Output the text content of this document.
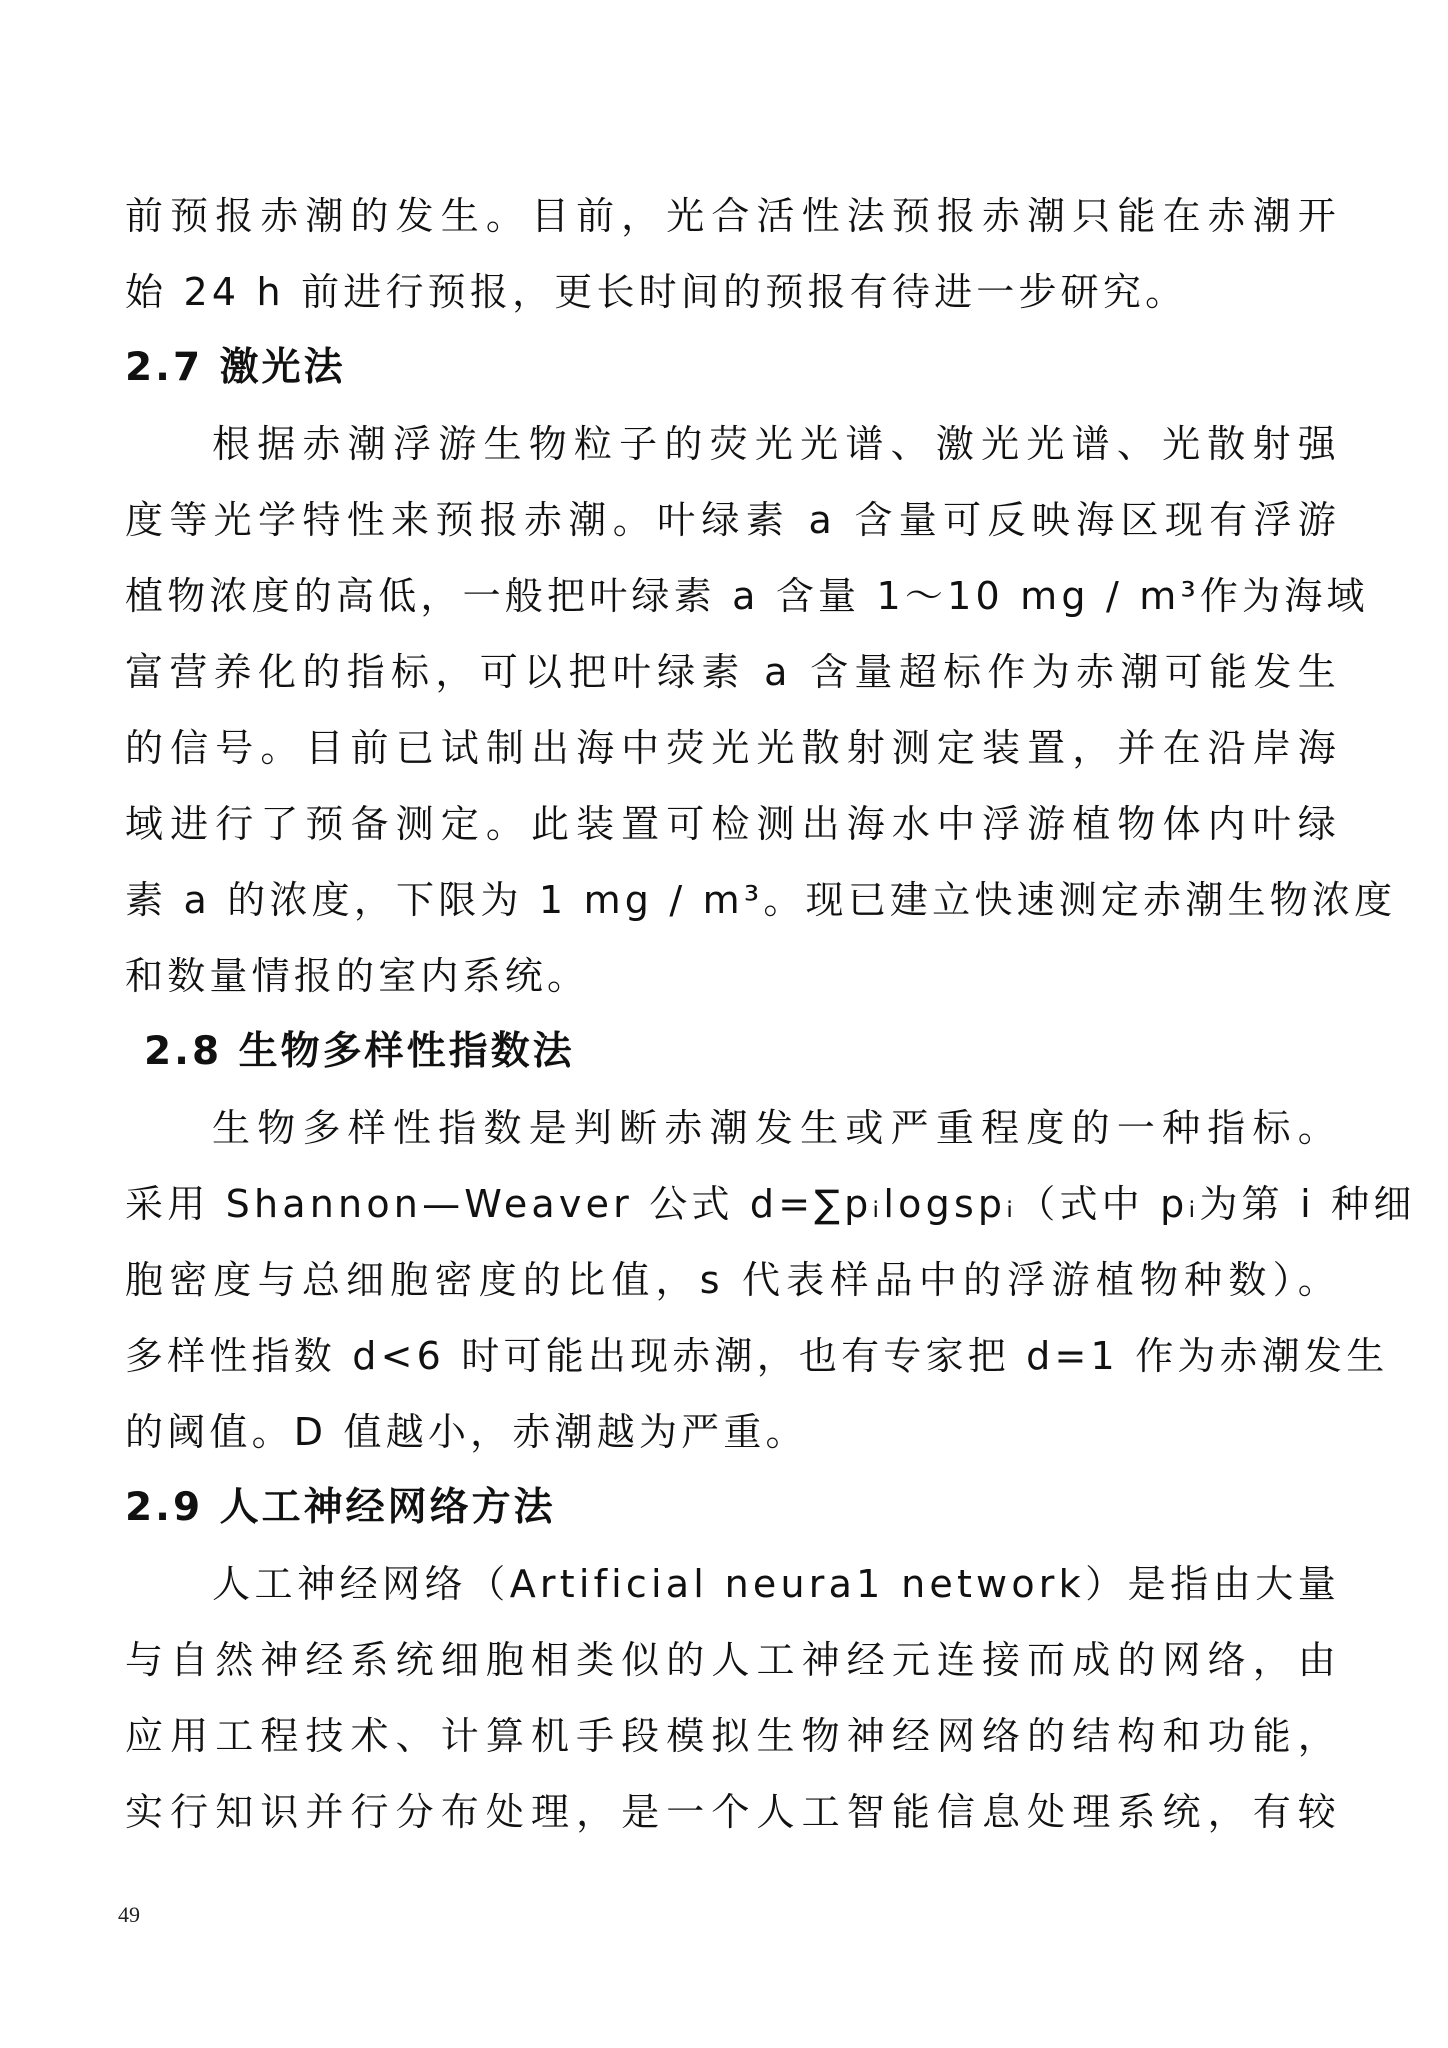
前预报赤潮的发生。目前，光合活性法预报赤潮只能在赤潮开
始 24 h 前进行预报，更长时间的预报有待进一步研究。
2.7 激光法
根据赤潮浮游生物粒子的荧光光谱、激光光谱、光散射强
度等光学特性来预报赤潮。叶绿素 a 含量可反映海区现有浮游
植物浓度的高低，一般把叶绿素 a 含量 1～10 mg / m³作为海域
富营养化的指标，可以把叶绿素 a 含量超标作为赤潮可能发生
的信号。目前已试制出海中荧光光散射测定装置，并在沿岸海
域进行了预备测定。此装置可检测出海水中浮游植物体内叶绿
素 a 的浓度，下限为 1 mg / m³。现已建立快速测定赤潮生物浓度
和数量情报的室内系统。
2.8 生物多样性指数法
生物多样性指数是判断赤潮发生或严重程度的一种指标。
采用 Shannon—Weaver 公式 d=∑pᵢlogspᵢ（式中 pᵢ为第 i 种细
胞密度与总细胞密度的比值，s 代表样品中的浮游植物种数）。
多样性指数 d<6 时可能出现赤潮，也有专家把 d=1 作为赤潮发生
的阈值。D 值越小，赤潮越为严重。
2.9 人工神经网络方法
人工神经网络（Artificial neura1 network）是指由大量
与自然神经系统细胞相类似的人工神经元连接而成的网络，由
应用工程技术、计算机手段模拟生物神经网络的结构和功能，
实行知识并行分布处理，是一个人工智能信息处理系统，有较
49
